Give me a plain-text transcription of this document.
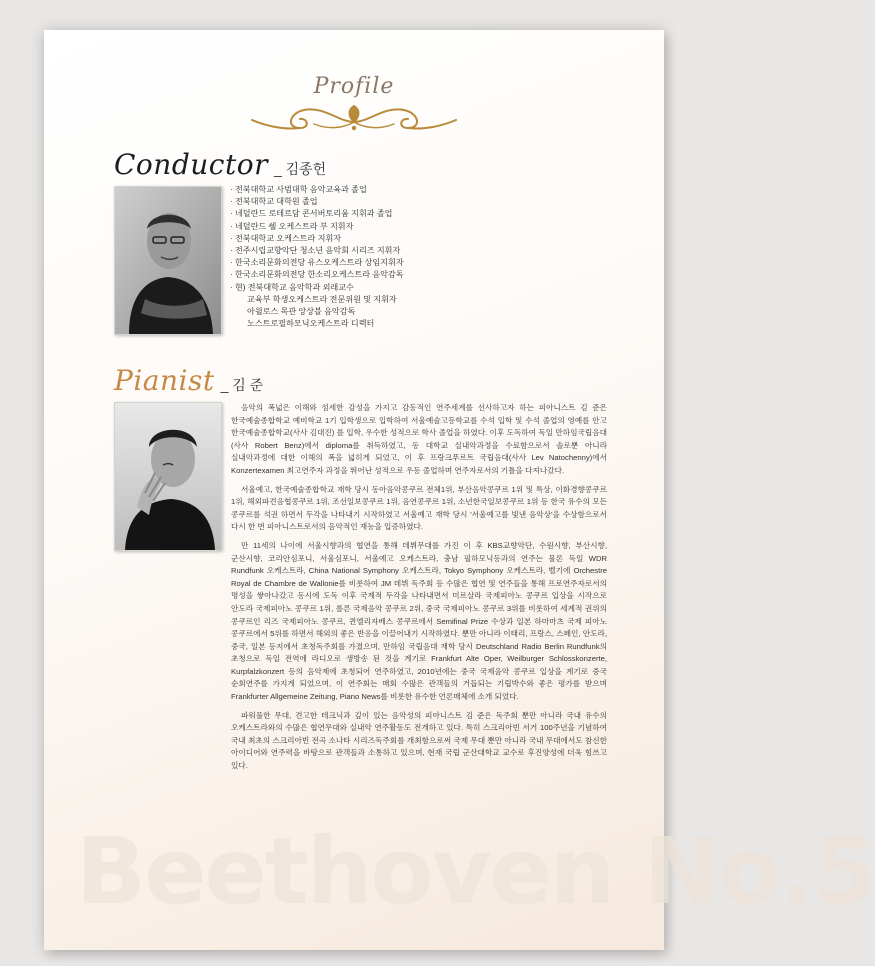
Beethoven No.5
Profile
Conductor _ 김종헌
· 전북대학교 사범대학 음악교육과 졸업
· 전북대학교 대학원 졸업
· 네덜란드 로테르담 콘서버토리움 지휘과 졸업
· 네덜란드 쉘 오케스트라 부 지휘자
· 전북대학교 오케스트라 지휘자
· 전주시립교향악단 청소년 음악회 시리즈 지휘자
· 한국소리문화의전당 유스오케스트라 상임지휘자
· 한국소리문화의전당 한소리오케스트라 음악감독
· 현) 전북대학교 음악학과 외래교수
교육부 학생오케스트라 전문위원 및 지휘자
아윌로스 목관 앙상블 음악감독
노스트로필하모닉오케스트라 디렉터
Pianist _ 김 준

음악의 폭넓은 이해와 섬세한 감성을 가지고 감동적인 연주세계를 선사하고자 하는 피아니스트 김 준은 한국예술종합학교 예비학교 1기 입학생으로 입학하여 서울예술고등학교를 수석 입학 및 수석 졸업의 영예를 안고 한국예술종합학교(사사 김대진) 를 입학, 우수한 성적으로 학사 졸업을 하였다. 이후 도독하여 독일 만하임국립음대(사사 Robert Benz)에서 diploma를 취득하였고, 동 대학교 실내악과정을 수료함으로서 솔로뿐 아니라 실내악과정에 대한 이해의 폭을 넓히게 되었고, 이 후 프랑크푸르트 국립음대(사사 Lev Natochenny)에서 Konzertexamen 최고연주자 과정을 뛰어난 성적으로 우등 졸업하며 연주자로서의 기틀을 다져나갔다.

서울예고, 한국예술종합학교 재학 당시 동아음악콩쿠르 전체1위, 부산음악콩쿠르 1위 및 특상, 이화경향콩쿠르 1위, 해외파견음협콩쿠르 1위, 조선일보콩쿠르 1위, 음연콩쿠르 1위, 소년한국일보콩쿠르 1위 등 한국 유수의 모든 콩쿠르를 석권 하면서 두각을 나타내기 시작하였고 서울예고 재학 당시 '서울예고를 빛낸 음악상'을 수상함으로서 다시 한 번 피아니스트로서의 음악적인 재능을 입증하였다.

만 11세의 나이에 서울시향과의 협연을 통해 데뷔무대를 가진 이 후 KBS교향악단, 수원시향, 부산시향, 군산시향, 코리안심포니, 서울심포니, 서울예고 오케스트라, 충남 필하모닉등과의 연주는 물론 독일 WDR Rundfunk 오케스트라, China National Symphony 오케스트라, Tokyo Symphony 오케스트라, 벨기에 Orchestre Royal de Chambre de Wallonie를 비롯하여 JM 데뷔 독주회 등 수많은 협연 및 연주들을 통해 프로연주자로서의 명성을 쌓아나갔고 동시에 도독 이후 국제적 두각을 나타내면서 미르살라 국제피아노 콩쿠르 입상을 시작으로 안도라 국제피아노 콩쿠르 1위, 롤른 국제음악 콩쿠르 2위, 중국 국제피아노 콩쿠르 3위를 비롯하여 세계적 권위의 콩쿠르인 리즈 국제피아노 콩쿠르, 퀸엘리자베스 콩쿠르에서 Semifinal Prize 수상과 일본 하마마츠 국제 피아노 콩쿠르에서 5위를 하면서 해외의 좋은 반응을 이끌어내기 시작하였다. 뿐만 아니라 이태리, 프랑스, 스페인, 안도라, 중국, 일본 등지에서 초청독주회를 가졌으며, 만하임 국립음대 재학 당시 Deutschland Radio Berlin Rundfunk의 초청으로 독일 전역에 라디오로 생방송 된 것을 계기로 Frankfurt Alte Oper, Weilburger Schlosskonzerte, Kurpfalzkonzert 등의 음악제에 초청되어 연주하였고, 2010년에는 중국 국제음악 콩쿠르 입상을 계기로 중국 순회연주를 가지게 되었으며, 이 연주회는 매회 수많은 관객들의 거듭되는 기립박수와 좋은 평가를 받으며 Frankfurter Allgemeine Zeitung, Piano News를 비롯한 유수한 언론매체에 소개 되었다.

파워풀한 무대, 견고한 테크닉과 깊이 있는 음악성의 피아니스트 김 준은 독주회 뿐만 아니라 국내 유수의 오케스트라와의 수많은 협연무대와 실내악 연주활동도 전개하고 있다. 특히 스크리아빈 서거 100주년을 기념하여 국내 최초의 스크리아빈 전곡 소나타 시리즈독주회를 개최함으로써 국제 무대 뿐만 아니라 국내 무대에서도 참신한 아이디어와 연주력을 바탕으로 관객들과 소통하고 있으며, 현재 국립 군산대학교 교수로 후진양성에 더욱 힘쓰고 있다.
